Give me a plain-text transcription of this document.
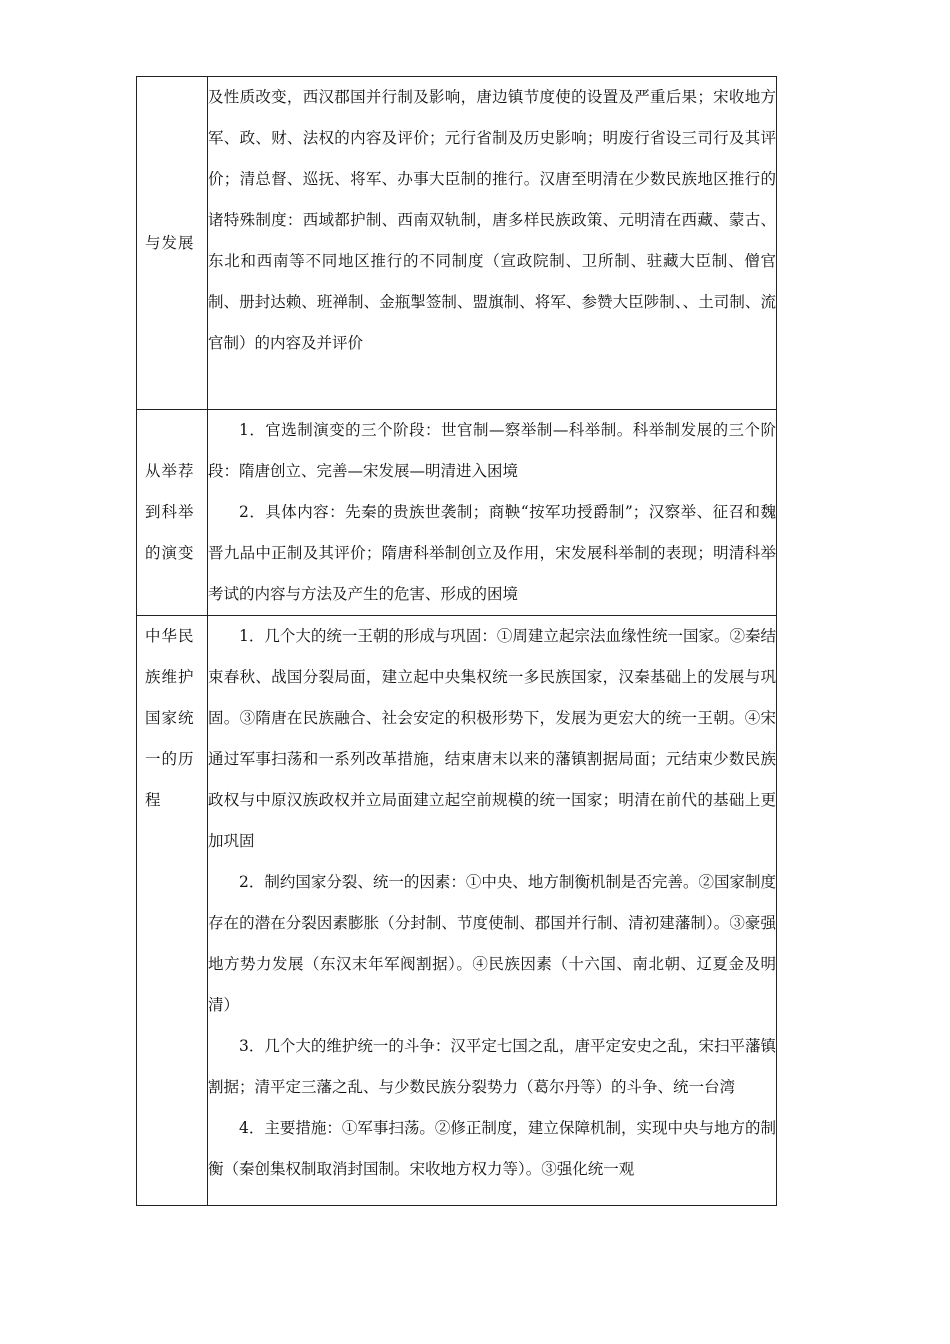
与发展	及性质改变，西汉郡国并行制及影响，唐边镇节度使的设置及严重后果；宋收地方军、政、财、法权的内容及评价；元行省制及历史影响；明废行省设三司行及其评价；清总督、巡抚、将军、办事大臣制的推行。汉唐至明清在少数民族地区推行的诸特殊制度：西域都护制、西南双轨制，唐多样民族政策、元明清在西藏、蒙古、东北和西南等不同地区推行的不同制度（宣政院制、卫所制、驻藏大臣制、僧官制、册封达赖、班禅制、金瓶掣签制、盟旗制、将军、参赞大臣陟制、、土司制、流官制）的内容及并评价

从举荐到科举的演变	1．官选制演变的三个阶段：世官制—察举制—科举制。科举制发展的三个阶段：隋唐创立、完善—宋发展—明清进入困境

2．具体内容：先秦的贵族世袭制；商鞅“按军功授爵制”；汉察举、征召和魏晋九品中正制及其评价；隋唐科举制创立及作用，宋发展科举制的表现；明清科举考试的内容与方法及产生的危害、形成的困境

中华民族维护国家统一的历程	1．几个大的统一王朝的形成与巩固：①周建立起宗法血缘性统一国家。②秦结束春秋、战国分裂局面，建立起中央集权统一多民族国家，汉秦基础上的发展与巩固。③隋唐在民族融合、社会安定的积极形势下，发展为更宏大的统一王朝。④宋通过军事扫荡和一系列改革措施，结束唐末以来的藩镇割据局面；元结束少数民族政权与中原汉族政权并立局面建立起空前规模的统一国家；明清在前代的基础上更加巩固

2．制约国家分裂、统一的因素：①中央、地方制衡机制是否完善。②国家制度存在的潜在分裂因素膨胀（分封制、节度使制、郡国并行制、清初建藩制）。③豪强地方势力发展（东汉末年军阀割据）。④民族因素（十六国、南北朝、辽夏金及明清）

3．几个大的维护统一的斗争：汉平定七国之乱，唐平定安史之乱，宋扫平藩镇割据；清平定三藩之乱、与少数民族分裂势力（葛尔丹等）的斗争、统一台湾

4．主要措施：①军事扫荡。②修正制度，建立保障机制，实现中央与地方的制衡（秦创集权制取消封国制。宋收地方权力等）。③强化统一观
